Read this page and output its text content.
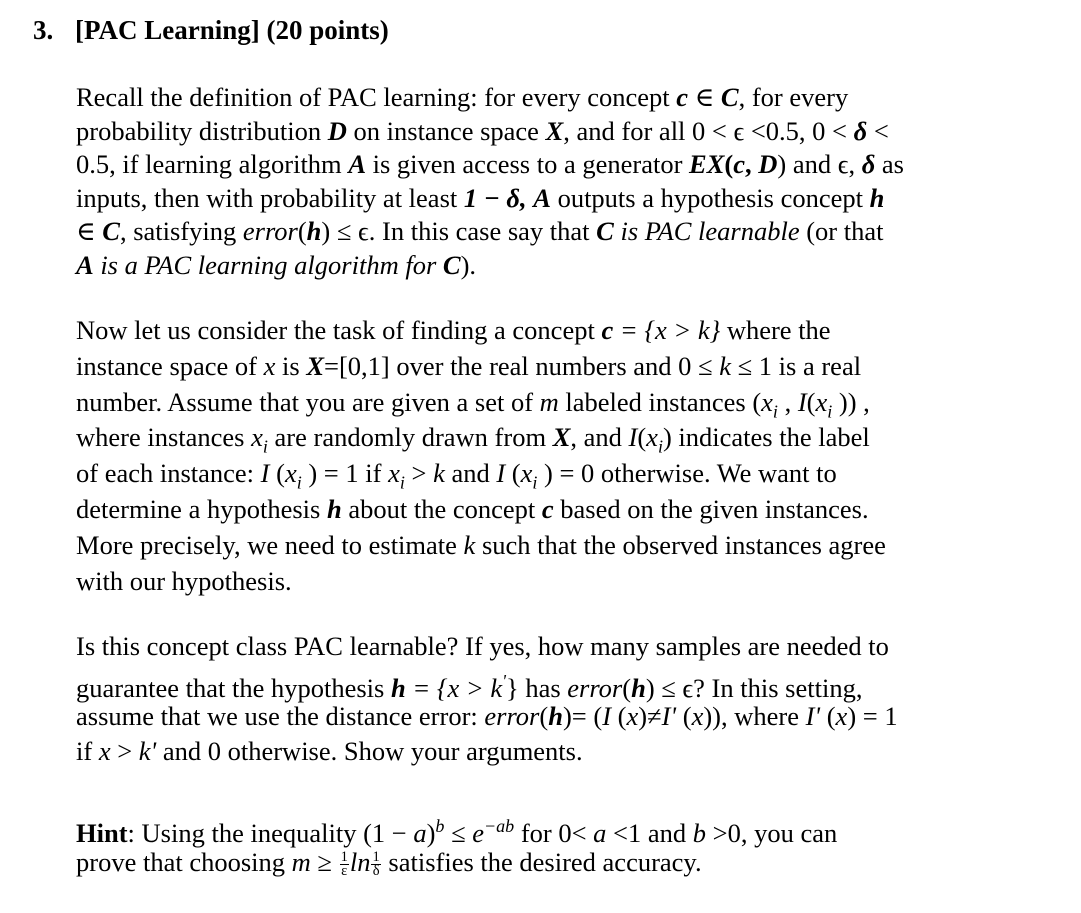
3. [PAC Learning] (20 points)
Recall the definition of PAC learning: for every concept c ∈ C, for every
probability distribution D on instance space X, and for all 0 < ϵ <0.5, 0 < δ <
0.5, if learning algorithm A is given access to a generator EX(c, D) and ϵ, δ as
inputs, then with probability at least 1 − δ, A outputs a hypothesis concept h
∈ C, satisfying error(h) ≤ ϵ. In this case say that C is PAC learnable (or that
A is a PAC learning algorithm for C).
Now let us consider the task of finding a concept c = {x > k} where the
instance space of x is X=[0,1] over the real numbers and 0 ≤ k ≤ 1 is a real
number. Assume that you are given a set of m labeled instances ($x_i$ , $I(x_i$ )) ,
where instances $x_i$ are randomly drawn from X, and $I(x_i)$ indicates the label
of each instance: I ($x_i$ ) = 1 if $x_i > k$ and I ($x_i$ ) = 0 otherwise. We want to
determine a hypothesis h about the concept c based on the given instances.
More precisely, we need to estimate k such that the observed instances agree
with our hypothesis.
Is this concept class PAC learnable? If yes, how many samples are needed to
guarantee that the hypothesis h = {x > k'} has error(h) ≤ ϵ? In this setting,
assume that we use the distance error: error(h)= (I (x)≠I' (x)), where I' (x) = 1
if x > k' and 0 otherwise. Show your arguments.
Hint: Using the inequality $(1 - a)^b \le e^{-ab}$ for 0< a <1 and b >0, you can
prove that choosing $m \ge \frac{1}{\varepsilon}$ $\ln \frac{1}{\delta}$ satisfies the desired accuracy.
